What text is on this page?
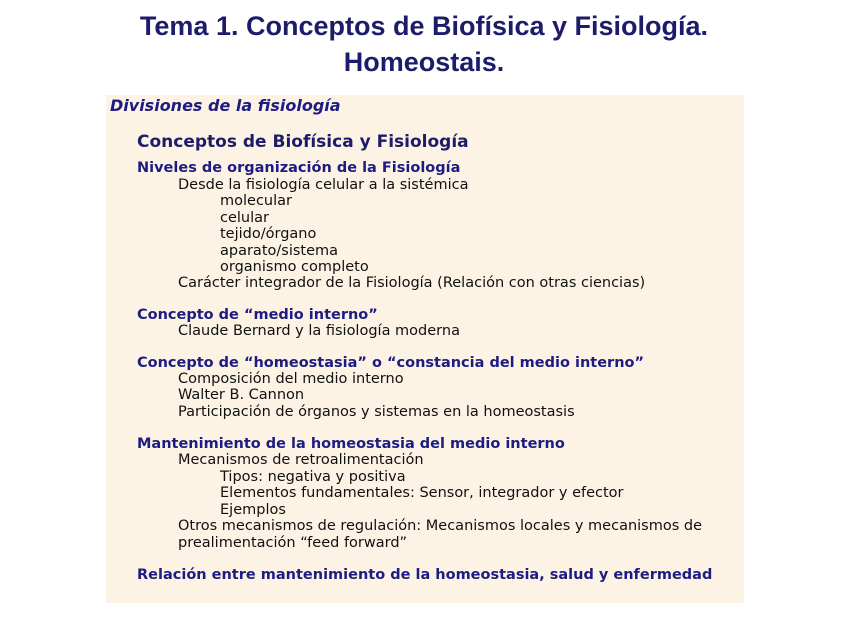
Tema 1. Conceptos de Biofísica y Fisiología.
Homeostais.
Divisiones de la fisiología
Conceptos de Biofísica y Fisiología
Niveles de organización de la Fisiología
Desde la fisiología celular a la sistémica
molecular
celular
tejido/órgano
aparato/sistema
organismo completo
Carácter integrador de la Fisiología (Relación con otras ciencias)
Concepto de “medio interno”
Claude Bernard y la fisiología moderna
Concepto de “homeostasia” o “constancia del medio interno”
Composición del medio interno
Walter B. Cannon
Participación de órganos y sistemas en la homeostasis
Mantenimiento de la homeostasia del medio interno
Mecanismos de retroalimentación
Tipos: negativa y positiva
Elementos fundamentales: Sensor, integrador y efector
Ejemplos
Otros mecanismos de regulación: Mecanismos locales y mecanismos de
prealimentación “feed forward”
Relación entre mantenimiento de la homeostasia, salud y enfermedad
